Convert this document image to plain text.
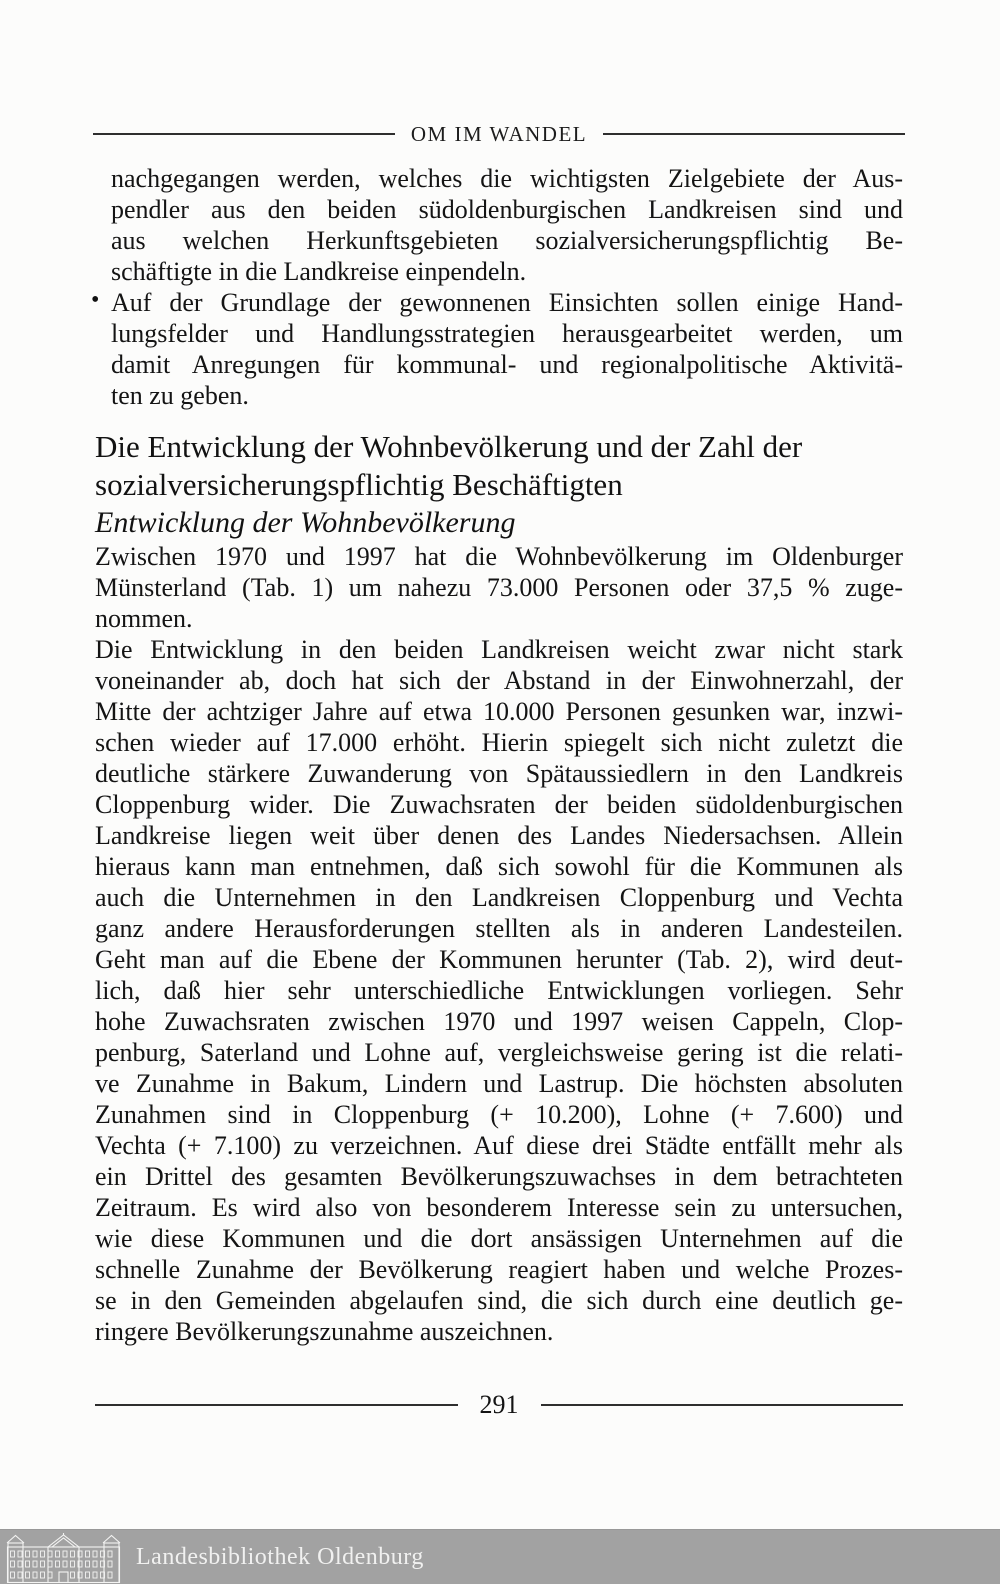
OM IM WANDEL
nachgegangen werden, welches die wichtigsten Zielgebiete der Aus-
pendler aus den beiden südoldenburgischen Landkreisen sind und
aus welchen Herkunftsgebieten sozialversicherungspflichtig Be-
schäftigte in die Landkreise einpendeln.
• Auf der Grundlage der gewonnenen Einsichten sollen einige Hand-
lungsfelder und Handlungsstrategien herausgearbeitet werden, um
damit Anregungen für kommunal- und regionalpolitische Aktivitä-
ten zu geben.
Die Entwicklung der Wohnbevölkerung und der Zahl der
sozialversicherungspflichtig Beschäftigten
Entwicklung der Wohnbevölkerung
Zwischen 1970 und 1997 hat die Wohnbevölkerung im Oldenburger
Münsterland (Tab. 1) um nahezu 73.000 Personen oder 37,5 % zuge-
nommen.
Die Entwicklung in den beiden Landkreisen weicht zwar nicht stark
voneinander ab, doch hat sich der Abstand in der Einwohnerzahl, der
Mitte der achtziger Jahre auf etwa 10.000 Personen gesunken war, inzwi-
schen wieder auf 17.000 erhöht. Hierin spiegelt sich nicht zuletzt die
deutliche stärkere Zuwanderung von Spätaussiedlern in den Landkreis
Cloppenburg wider. Die Zuwachsraten der beiden südoldenburgischen
Landkreise liegen weit über denen des Landes Niedersachsen. Allein
hieraus kann man entnehmen, daß sich sowohl für die Kommunen als
auch die Unternehmen in den Landkreisen Cloppenburg und Vechta
ganz andere Herausforderungen stellten als in anderen Landesteilen.
Geht man auf die Ebene der Kommunen herunter (Tab. 2), wird deut-
lich, daß hier sehr unterschiedliche Entwicklungen vorliegen. Sehr
hohe Zuwachsraten zwischen 1970 und 1997 weisen Cappeln, Clop-
penburg, Saterland und Lohne auf, vergleichsweise gering ist die relati-
ve Zunahme in Bakum, Lindern und Lastrup. Die höchsten absoluten
Zunahmen sind in Cloppenburg (+ 10.200), Lohne (+ 7.600) und
Vechta (+ 7.100) zu verzeichnen. Auf diese drei Städte entfällt mehr als
ein Drittel des gesamten Bevölkerungszuwachses in dem betrachteten
Zeitraum. Es wird also von besonderem Interesse sein zu untersuchen,
wie diese Kommunen und die dort ansässigen Unternehmen auf die
schnelle Zunahme der Bevölkerung reagiert haben und welche Prozes-
se in den Gemeinden abgelaufen sind, die sich durch eine deutlich ge-
ringere Bevölkerungszunahme auszeichnen.
291
Landesbibliothek Oldenburg
